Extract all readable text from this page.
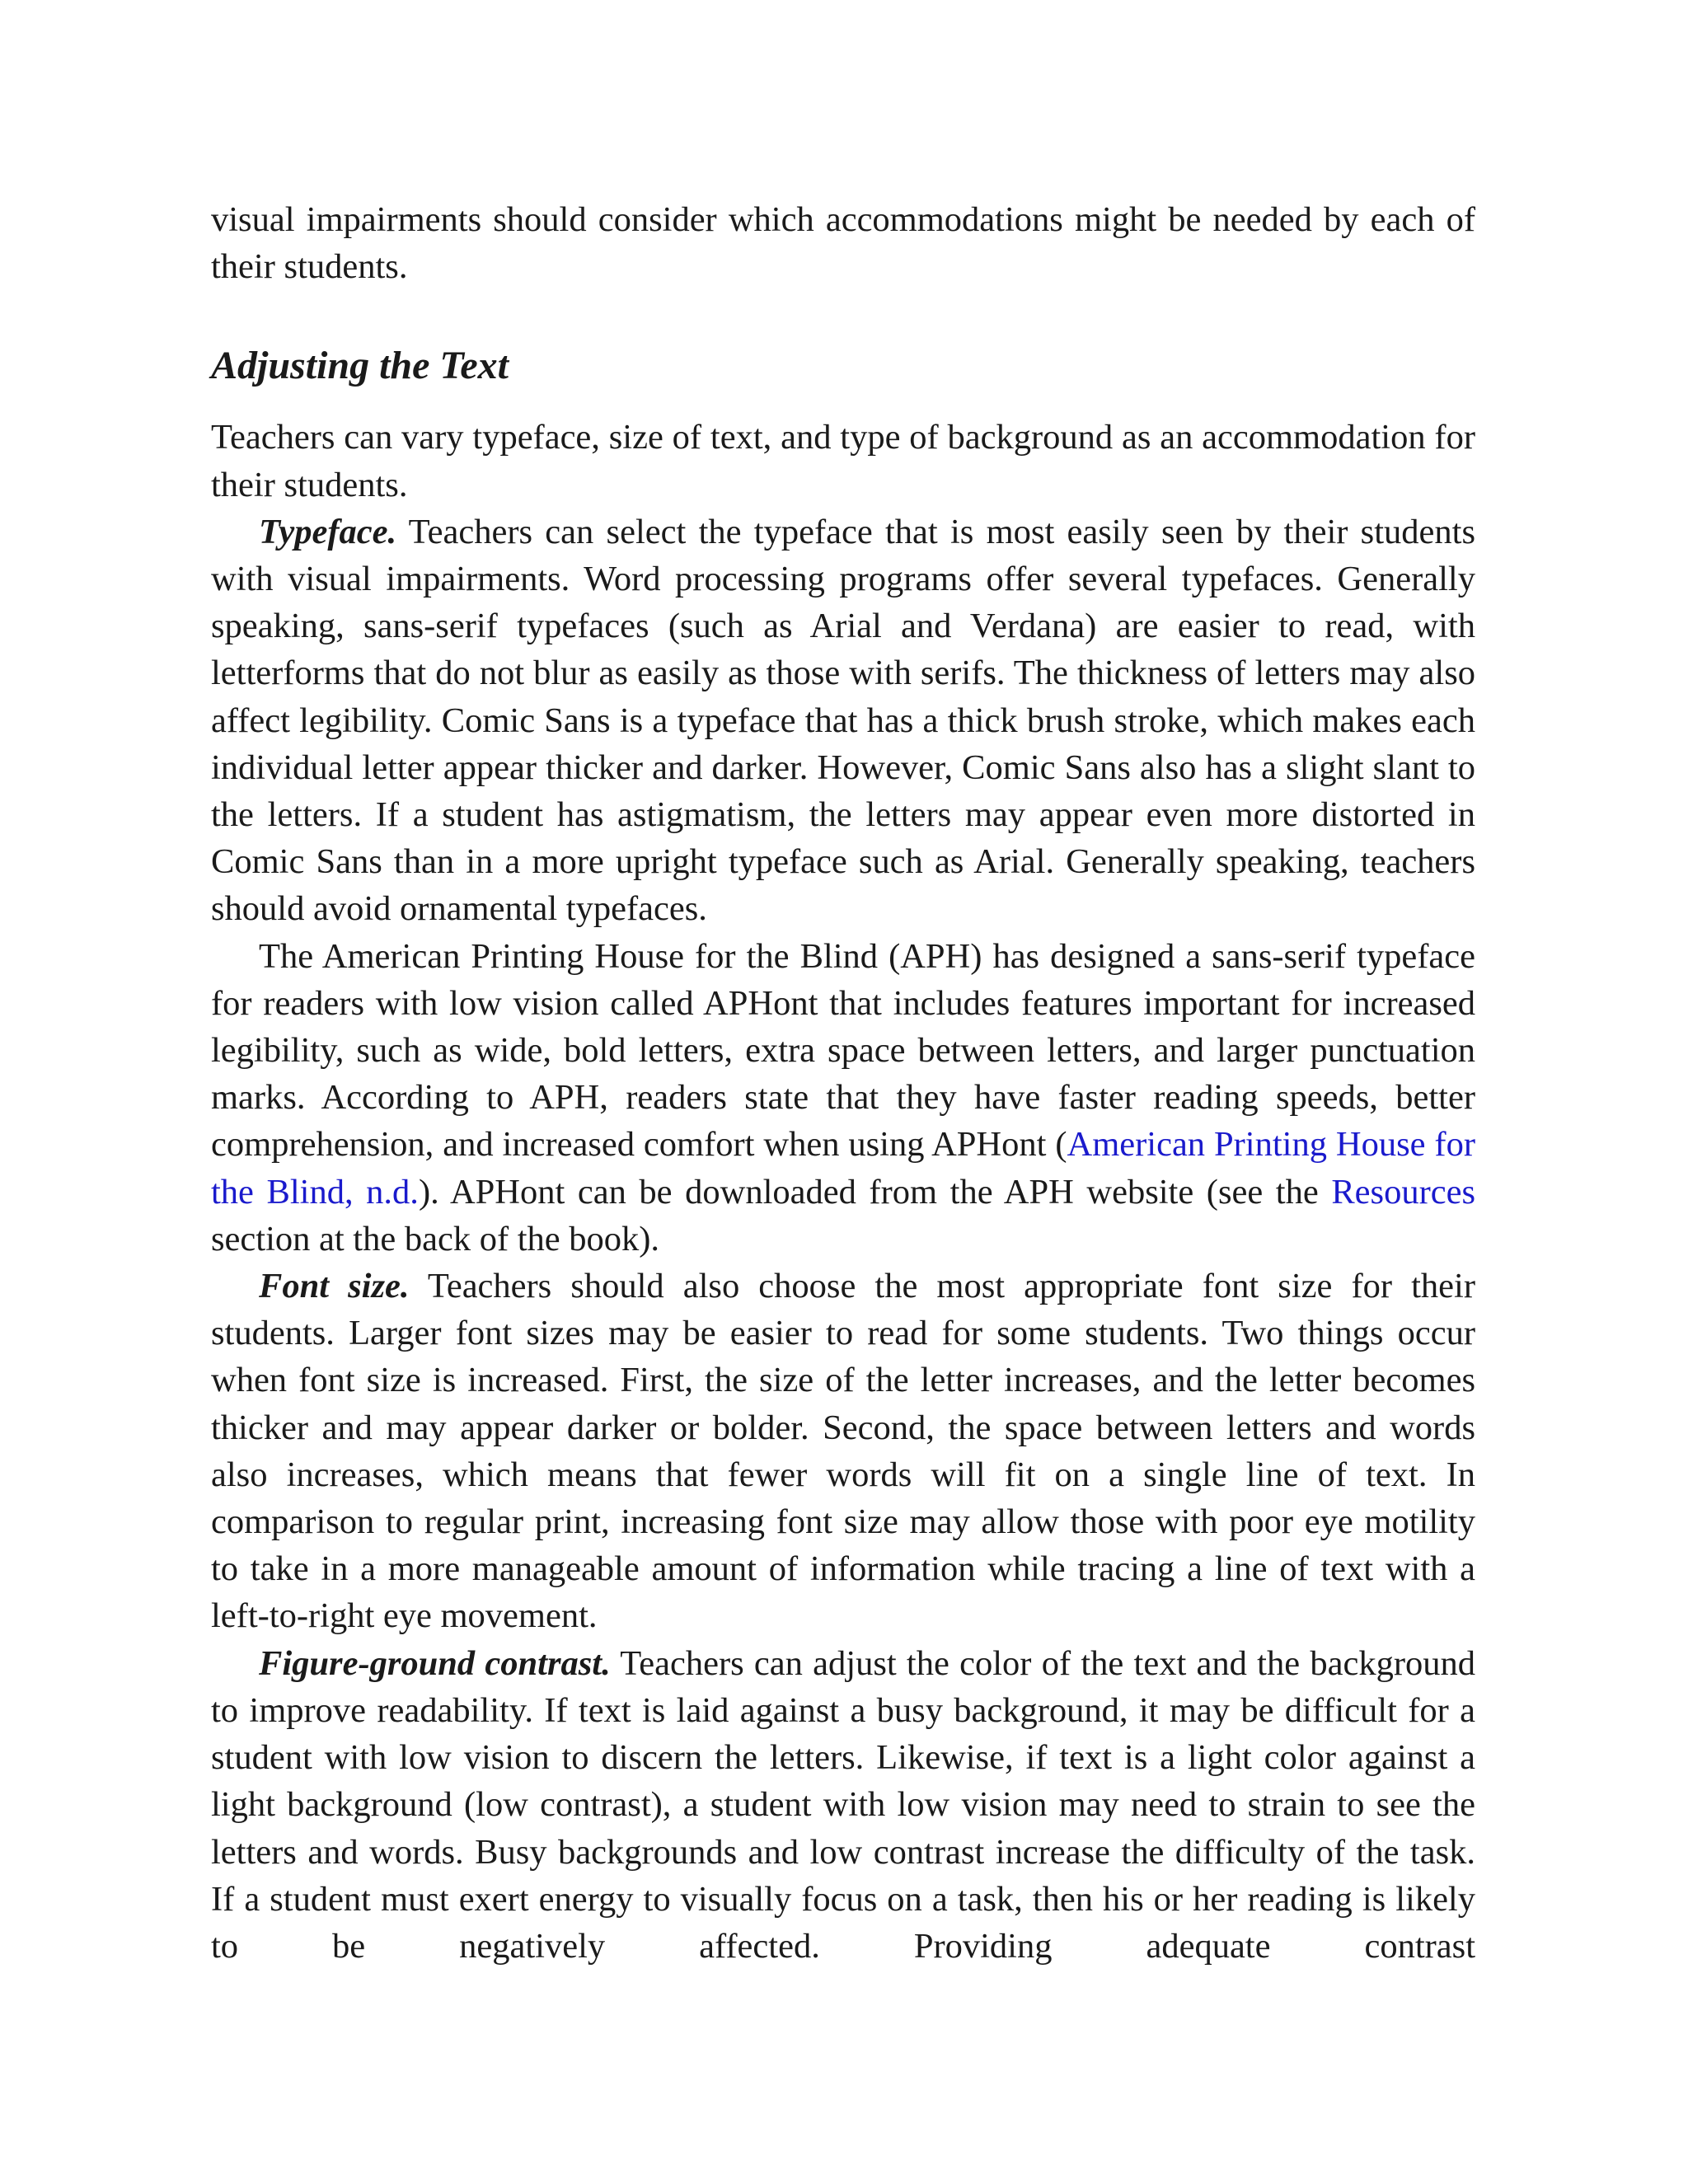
visual impairments should consider which accommodations might be needed by each of their students.

Adjusting the Text

Teachers can vary typeface, size of text, and type of background as an accommodation for their students.

Typeface. Teachers can select the typeface that is most easily seen by their students with visual impairments. Word processing programs offer several typefaces. Generally speaking, sans-serif typefaces (such as Arial and Verdana) are easier to read, with letterforms that do not blur as easily as those with serifs. The thickness of letters may also affect legibility. Comic Sans is a typeface that has a thick brush stroke, which makes each individual letter appear thicker and darker. However, Comic Sans also has a slight slant to the letters. If a student has astigmatism, the letters may appear even more distorted in Comic Sans than in a more upright typeface such as Arial. Generally speaking, teachers should avoid ornamental typefaces.

The American Printing House for the Blind (APH) has designed a sans-serif typeface for readers with low vision called APHont that includes features important for increased legibility, such as wide, bold letters, extra space between letters, and larger punctuation marks. According to APH, readers state that they have faster reading speeds, better comprehension, and increased comfort when using APHont (American Printing House for the Blind, n.d.). APHont can be downloaded from the APH website (see the Resources section at the back of the book).

Font size. Teachers should also choose the most appropriate font size for their students. Larger font sizes may be easier to read for some students. Two things occur when font size is increased. First, the size of the letter increases, and the letter becomes thicker and may appear darker or bolder. Second, the space between letters and words also increases, which means that fewer words will fit on a single line of text. In comparison to regular print, increasing font size may allow those with poor eye motility to take in a more manageable amount of information while tracing a line of text with a left-to-right eye movement.

Figure-ground contrast. Teachers can adjust the color of the text and the background to improve readability. If text is laid against a busy background, it may be difficult for a student with low vision to discern the letters. Likewise, if text is a light color against a light background (low contrast), a student with low vision may need to strain to see the letters and words. Busy backgrounds and low contrast increase the difficulty of the task. If a student must exert energy to visually focus on a task, then his or her reading is likely to be negatively affected. Providing adequate contrast
